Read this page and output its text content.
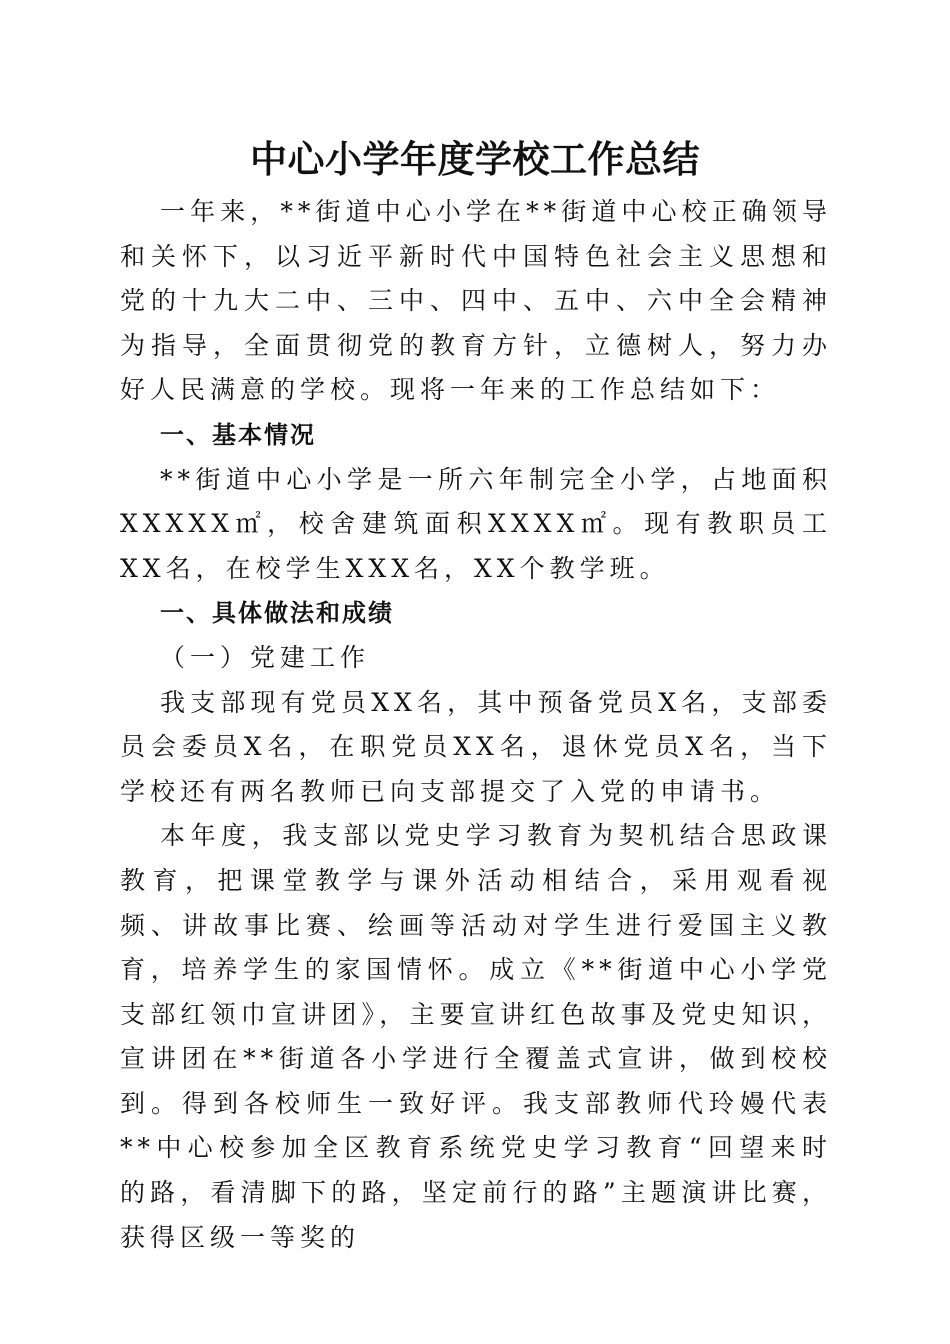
中心小学年度学校工作总结

一年来，**街道中心小学在**街道中心校正确领导和关怀下，以习近平新时代中国特色社会主义思想和党的十九大二中、三中、四中、五中、六中全会精神为指导，全面贯彻党的教育方针，立德树人，努力办好人民满意的学校。现将一年来的工作总结如下：

一、基本情况

**街道中心小学是一所六年制完全小学，占地面积XXXXX㎡，校舍建筑面积XXXX㎡。现有教职员工XX名，在校学生XXX名，XX个教学班。

一、具体做法和成绩
（一）党建工作

我支部现有党员XX名，其中预备党员X名，支部委员会委员X名，在职党员XX名，退休党员X名，当下学校还有两名教师已向支部提交了入党的申请书。

本年度，我支部以党史学习教育为契机结合思政课教育，把课堂教学与课外活动相结合，采用观看视频、讲故事比赛、绘画等活动对学生进行爱国主义教育，培养学生的家国情怀。成立《**街道中心小学党支部红领巾宣讲团》，主要宣讲红色故事及党史知识，宣讲团在**街道各小学进行全覆盖式宣讲，做到校校到。得到各校师生一致好评。我支部教师代玲嫚代表**中心校参加全区教育系统党史学习教育“回望来时的路，看清脚下的路，坚定前行的路”主题演讲比赛，获得区级一等奖的
